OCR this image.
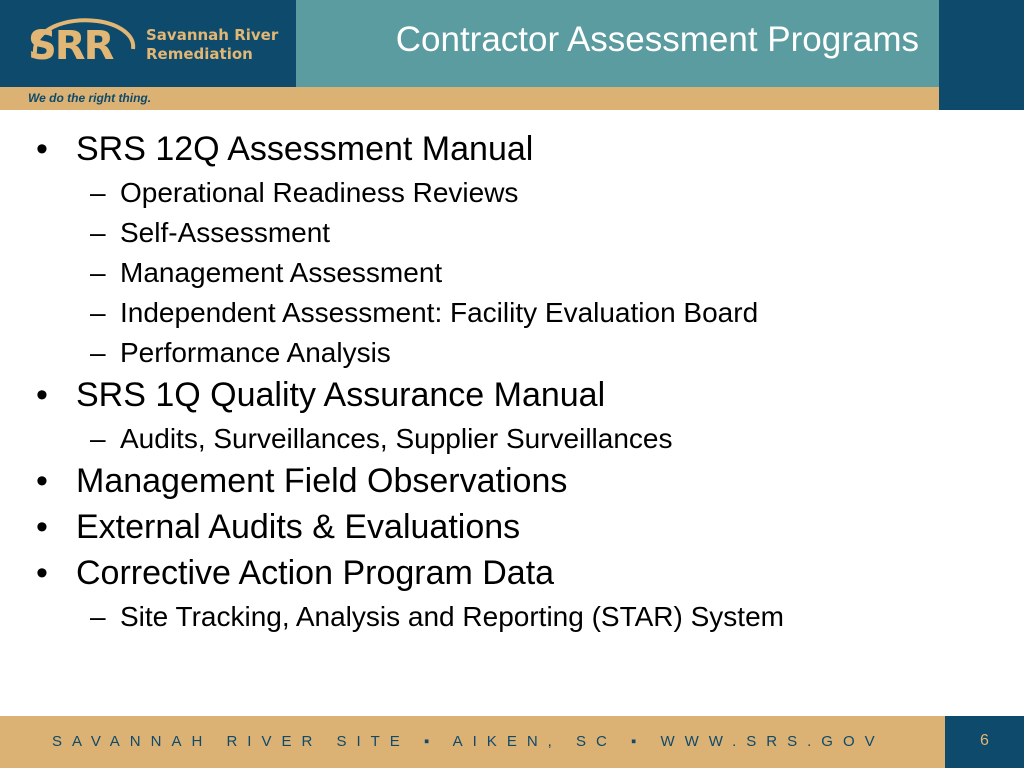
SRR Savannah River
Remediation	Contractor Assessment Programs
We do the right thing.
• SRS 12Q Assessment Manual
– Operational Readiness Reviews
– Self-Assessment
– Management Assessment
– Independent Assessment: Facility Evaluation Board
– Performance Analysis
• SRS 1Q Quality Assurance Manual
– Audits, Surveillances, Supplier Surveillances
• Management Field Observations
• External Audits & Evaluations
• Corrective Action Program Data
– Site Tracking, Analysis and Reporting (STAR) System
SAVANNAH RIVER SITE ▪ AIKEN, SC ▪ WWW.SRS.GOV	6
